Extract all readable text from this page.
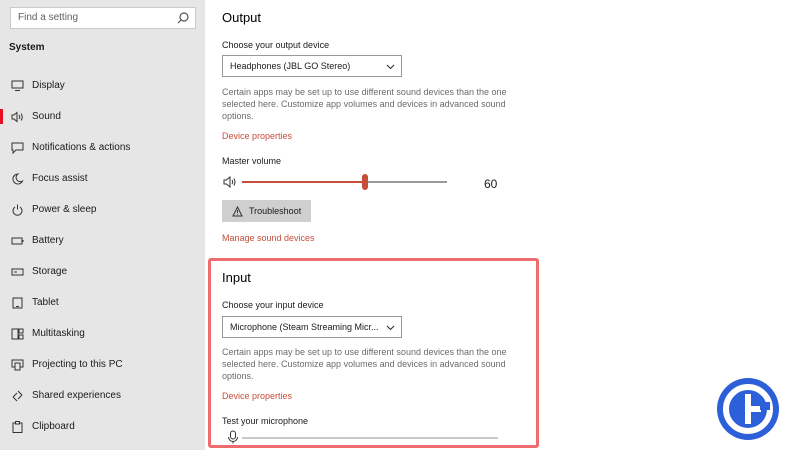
Find a setting
System
Display
Sound
Notifications & actions
Focus assist
Power & sleep
Battery
Storage
Tablet
Multitasking
Projecting to this PC
Shared experiences
Clipboard
Output
Choose your output device
Headphones (JBL GO Stereo)
Certain apps may be set up to use different sound devices than the one selected here. Customize app volumes and devices in advanced sound options.
Device properties
Master volume
60
Troubleshoot
Manage sound devices
Input
Choose your input device
Microphone (Steam Streaming Micr...
Certain apps may be set up to use different sound devices than the one selected here. Customize app volumes and devices in advanced sound options.
Device properties
Test your microphone
